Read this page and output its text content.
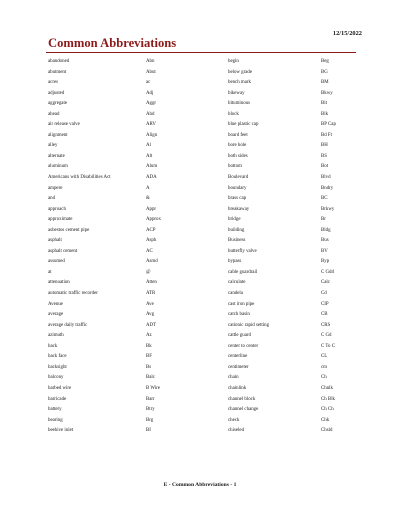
12/15/2022
Common Abbreviations
abandoned	Abn	begin	Beg
abutment	Abut	below grade	BG
acres	ac	bench mark	BM
adjusted	Adj	bikeway	Bkwy
aggregate	Aggr	bituminous	Bit
ahead	Ahd	block	Blk
air release valve	ARV	blue plastic cap	BP Cap
alignment	Align	board feet	Bd Ft
alley	Al	bore hole	BH
alternate	Alt	both sides	BS
aluminum	Alum	bottom	Bot
Americans with Disabilities Act	ADA	Boulevard	Blvd
ampere	A	boundary	Bndry
and	&	brass cap	BC
approach	Appr	breakaway	Brkwy
approximate	Approx	bridge	Br
asbestos cement pipe	ACP	building	Bldg
asphalt	Asph	Business	Bus
asphalt cement	AC	butterfly valve	BV
assumed	Asmd	bypass	Byp
at	@	cable guardrail	C Gdrl
attenuation	Atten	calculate	Calc
automatic traffic recorder	ATR	candela	Cd
Avenue	Ave	cast iron pipe	CIP
average	Avg	catch basin	CB
average daily traffic	ADT	cationic rapid setting	CRS
azimuth	Az	cattle guard	C Gd
back	Bk	center to center	C To C
back face	BF	centerline	CL
backsight	Bs	centimeter	cm
balcony	Balc	chain	Ch
barbed wire	B Wire	chainlink	Chnlk
barricade	Barr	channel block	Ch Blk
battery	Btry	channel change	Ch Ch
bearing	Brg	check	Chk
beehive inlet	BI	chiseled	Chsld
E - Common Abbreviations - 1
